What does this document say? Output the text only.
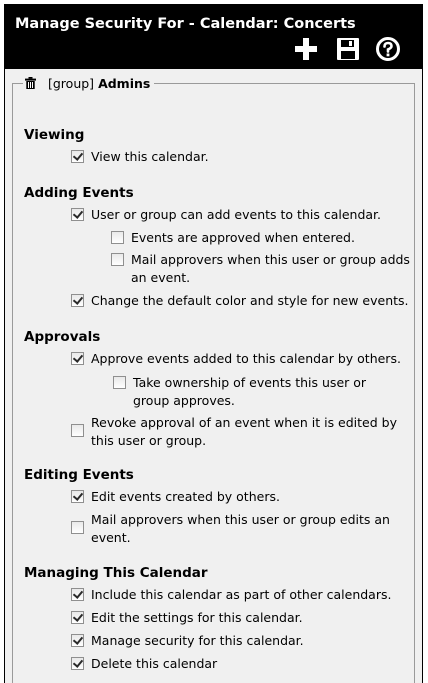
Manage Security For - Calendar: Concerts
[group] Admins
Viewing
View this calendar.
Adding Events
User or group can add events to this calendar.
Events are approved when entered.
Mail approvers when this user or group adds an event.
Change the default color and style for new events.
Approvals
Approve events added to this calendar by others.
Take ownership of events this user or group approves.
Revoke approval of an event when it is edited by this user or group.
Editing Events
Edit events created by others.
Mail approvers when this user or group edits an event.
Managing This Calendar
Include this calendar as part of other calendars.
Edit the settings for this calendar.
Manage security for this calendar.
Delete this calendar
